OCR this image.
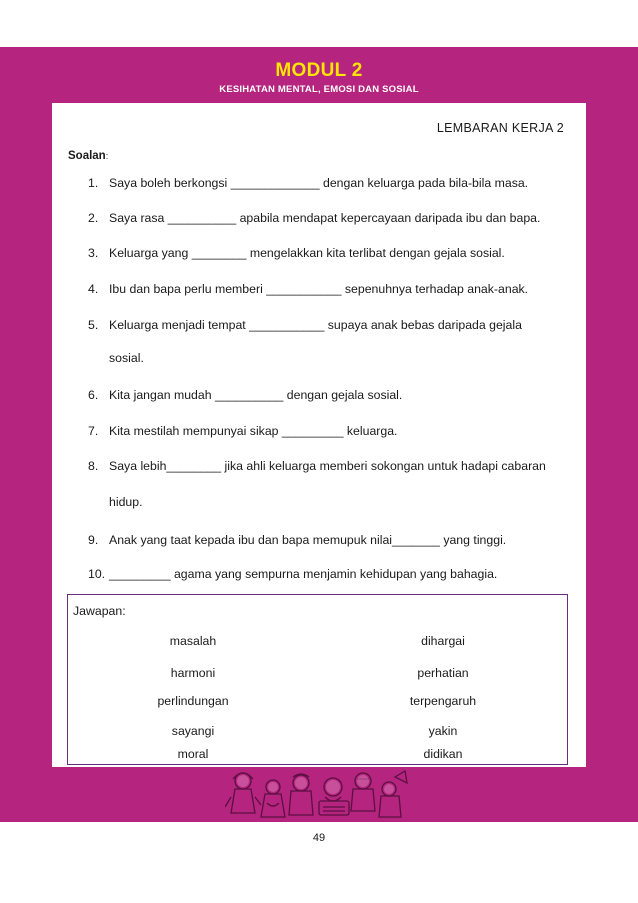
MODUL 2
KESIHATAN MENTAL, EMOSI DAN SOSIAL
LEMBARAN KERJA 2
Soalan:
1. Saya boleh berkongsi _____________ dengan keluarga pada bila-bila masa.
2. Saya rasa __________ apabila mendapat kepercayaan daripada ibu dan bapa.
3. Keluarga yang ________ mengelakkan kita terlibat dengan gejala sosial.
4. Ibu dan bapa perlu memberi ___________ sepenuhnya terhadap anak-anak.
5. Keluarga menjadi tempat ___________ supaya anak bebas daripada gejala
sosial.
6. Kita jangan mudah __________ dengan gejala sosial.
7. Kita mestilah mempunyai sikap _________ keluarga.
8. Saya lebih________ jika ahli keluarga memberi sokongan untuk hadapi cabaran
hidup.
9. Anak yang taat kepada ibu dan bapa memupuk nilai_______ yang tinggi.
10. _________ agama yang sempurna menjamin kehidupan yang bahagia.
Jawapan:
masalah	dihargai
harmoni	perhatian
perlindungan	terpengaruh
sayangi	yakin
moral	didikan
49
